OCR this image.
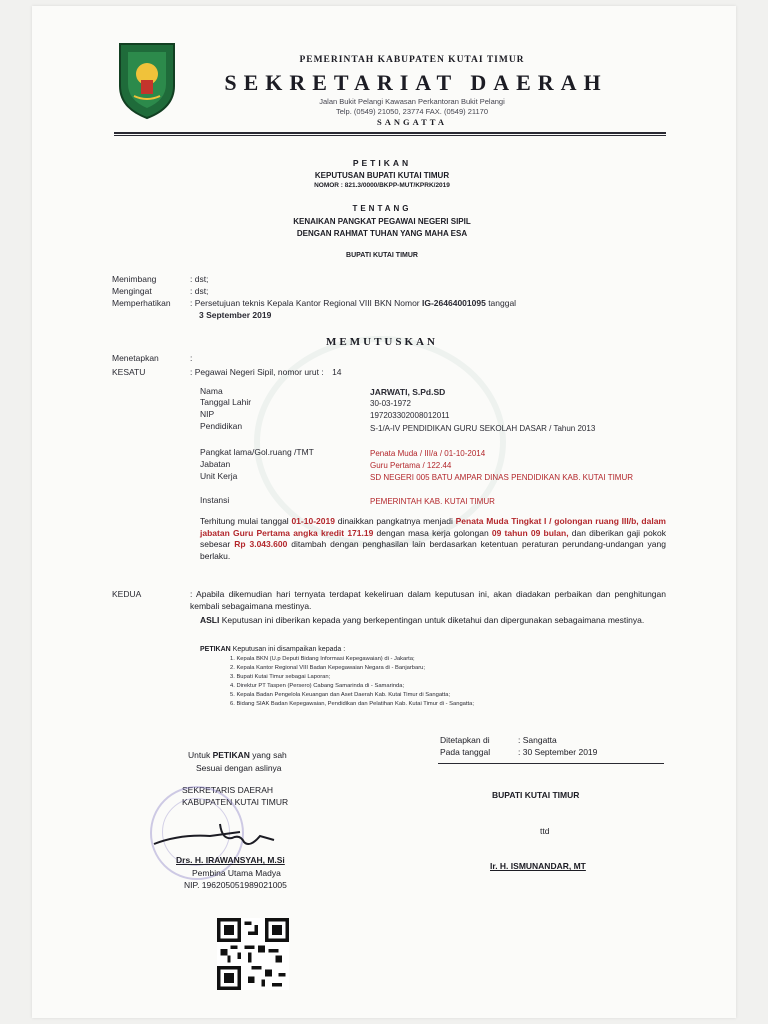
PEMERINTAH KABUPATEN KUTAI TIMUR
SEKRETARIAT DAERAH
Jalan Bukit Pelangi Kawasan Perkantoran Bukit Pelangi
Telp. (0549) 21050, 23774 FAX. (0549) 21170
SANGATTA
PETIKAN
KEPUTUSAN BUPATI KUTAI TIMUR
NOMOR : 821.3/0000/BKPP-MUT/KPRK/2019
TENTANG
KENAIKAN PANGKAT PEGAWAI NEGERI SIPIL
DENGAN RAHMAT TUHAN YANG MAHA ESA
BUPATI KUTAI TIMUR
Menimbang	: dst;
Mengingat	: dst;
Memperhatikan : Persetujuan teknis Kepala Kantor Regional VIII BKN Nomor IG-26464001095 tanggal
3 September 2019
MEMUTUSKAN
Menetapkan	:
KESATU	: Pegawai Negeri Sipil, nomor urut : 14
Nama	JARWATI, S.Pd.SD
Tanggal Lahir	30-03-1972
NIP	197203302008012011
Pendidikan	S-1/A-IV PENDIDIKAN GURU SEKOLAH DASAR / Tahun 2013
Pangkat lama/Gol.ruang /TMT	Penata Muda / III/a / 01-10-2014
Jabatan	Guru Pertama / 122.44
Unit Kerja	SD NEGERI 005 BATU AMPAR DINAS PENDIDIKAN KAB. KUTAI TIMUR
Instansi	PEMERINTAH KAB. KUTAI TIMUR
Terhitung mulai tanggal 01-10-2019 dinaikkan pangkatnya menjadi Penata Muda Tingkat I / golongan ruang III/b, dalam jabatan Guru Pertama angka kredit 171.19 dengan masa kerja golongan 09 tahun 09 bulan, dan diberikan gaji pokok sebesar Rp 3.043.600 ditambah dengan penghasilan lain berdasarkan ketentuan peraturan perundang-undangan yang berlaku.
KEDUA	: Apabila dikemudian hari ternyata terdapat kekeliruan dalam keputusan ini, akan diadakan perbaikan dan penghitungan kembali sebagaimana mestinya.
ASLI Keputusan ini diberikan kepada yang berkepentingan untuk diketahui dan dipergunakan sebagaimana mestinya.
PETIKAN Keputusan ini disampaikan kepada :
1. Kepala BKN (U.p Deputi Bidang Informasi Kepegawaian) di - Jakarta;
2. Kepala Kantor Regional VIII Badan Kepegawaian Negara di - Banjarbaru;
3. Bupati Kutai Timur sebagai Laporan;
4. Direktur PT Taspen (Persero) Cabang Samarinda di - Samarinda;
5. Kepala Badan Pengelola Keuangan dan Aset Daerah Kab. Kutai Timur di Sangatta;
6. Bidang SIAK Badan Kepegawaian, Pendidikan dan Pelatihan Kab. Kutai Timur di - Sangatta;
Ditetapkan di	: Sangatta
Pada tanggal	: 30 September 2019
Untuk PETIKAN yang sah
Sesuai dengan aslinya
SEKRETARIS DAERAH
KABUPATEN KUTAI TIMUR
Drs. H. IRAWANSYAH, M.Si
Pembina Utama Madya
NIP. 196205051989021005
BUPATI KUTAI TIMUR
ttd
Ir. H. ISMUNANDAR, MT
